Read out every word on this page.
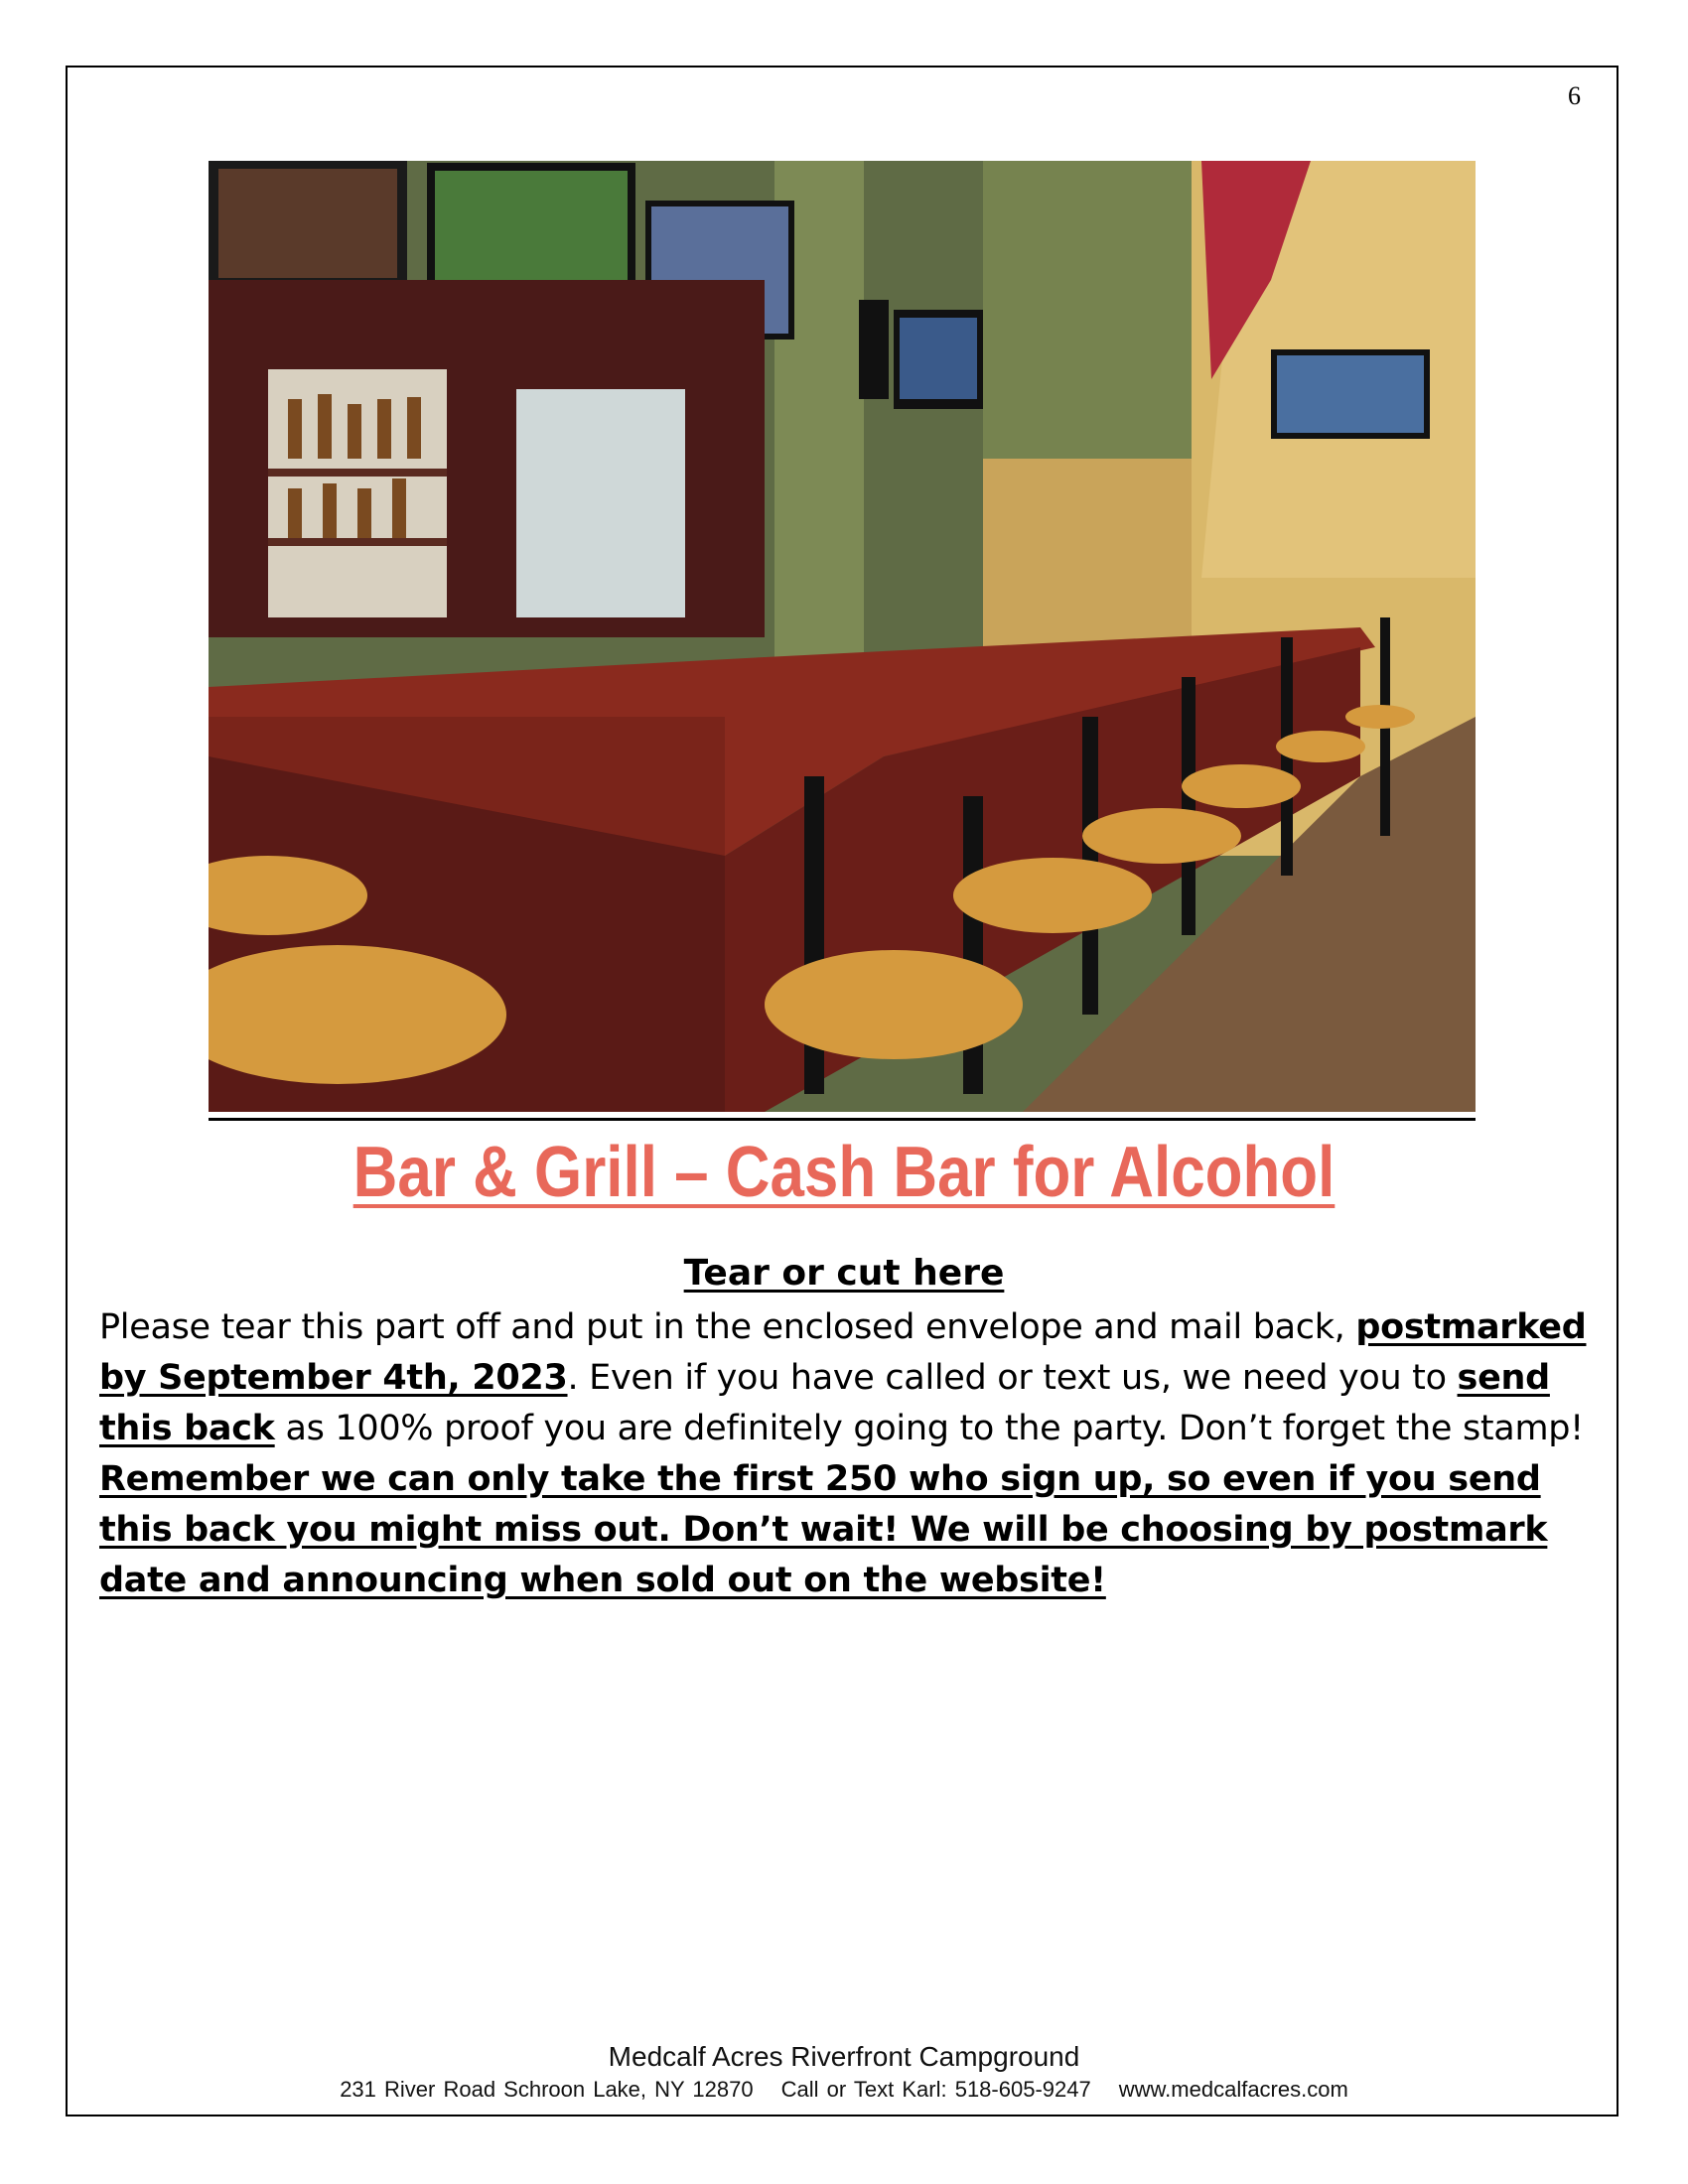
6
Bar & Grill – Cash Bar for Alcohol
Tear or cut here
Please tear this part off and put in the enclosed envelope and mail back, postmarked by September 4th, 2023. Even if you have called or text us, we need you to send this back as 100% proof you are definitely going to the party. Don’t forget the stamp! Remember we can only take the first 250 who sign up, so even if you send this back you might miss out. Don’t wait! We will be choosing by postmark date and announcing when sold out on the website!
Medcalf Acres Riverfront Campground
231 River Road Schroon Lake, NY 12870 Call or Text Karl: 518-605-9247 www.medcalfacres.com
